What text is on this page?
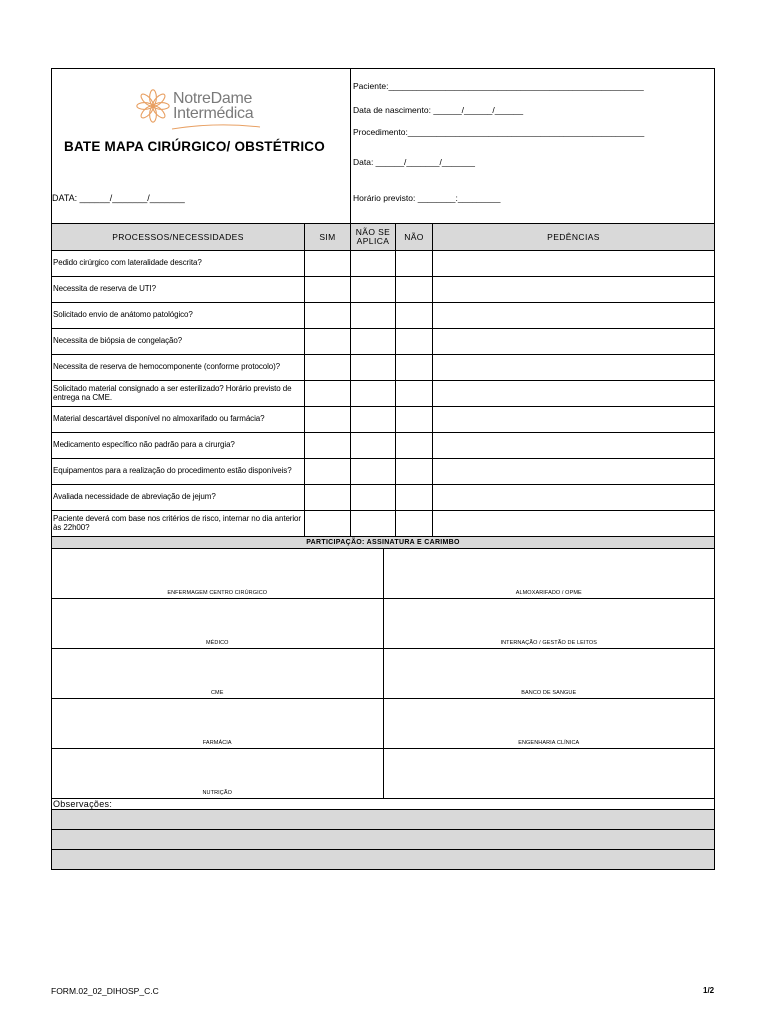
NotreDame
Intermédica
BATE MAPA CIRÚRGICO/ OBSTÉTRICO
DATA: ______/_______/_______
Paciente:______________________________________________________
Data de nascimento: ______/______/______
Procedimento:__________________________________________________
Data: ______/_______/_______
Horário previsto: ________:_________
PROCESSOS/NECESSIDADES	SIM	NÃO SE APLICA	NÃO	PEDÊNCIAS
Pedido cirúrgico com lateralidade descrita?
Necessita de reserva de UTI?
Solicitado envio de anátomo patológico?
Necessita de biópsia de congelação?
Necessita de reserva de hemocomponente (conforme protocolo)?
Solicitado material consignado a ser esterilizado? Horário previsto de entrega na CME.
Material descartável disponível no almoxarifado ou farmácia?
Medicamento específico não padrão para a cirurgia?
Equipamentos para a realização do procedimento estão disponíveis?
Avaliada necessidade de abreviação de jejum?
Paciente deverá com base nos critérios de risco, internar no dia anterior às 22h00?
PARTICIPAÇÃO: ASSINATURA E CARIMBO
ENFERMAGEM CENTRO CIRÚRGICO	ALMOXARIFADO / OPME
MÉDICO	INTERNAÇÃO / GESTÃO DE LEITOS
CME	BANCO DE SANGUE
FARMÁCIA	ENGENHARIA CLÍNICA
NUTRIÇÃO
Observações:
FORM.02_02_DIHOSP_C.C	1/2
